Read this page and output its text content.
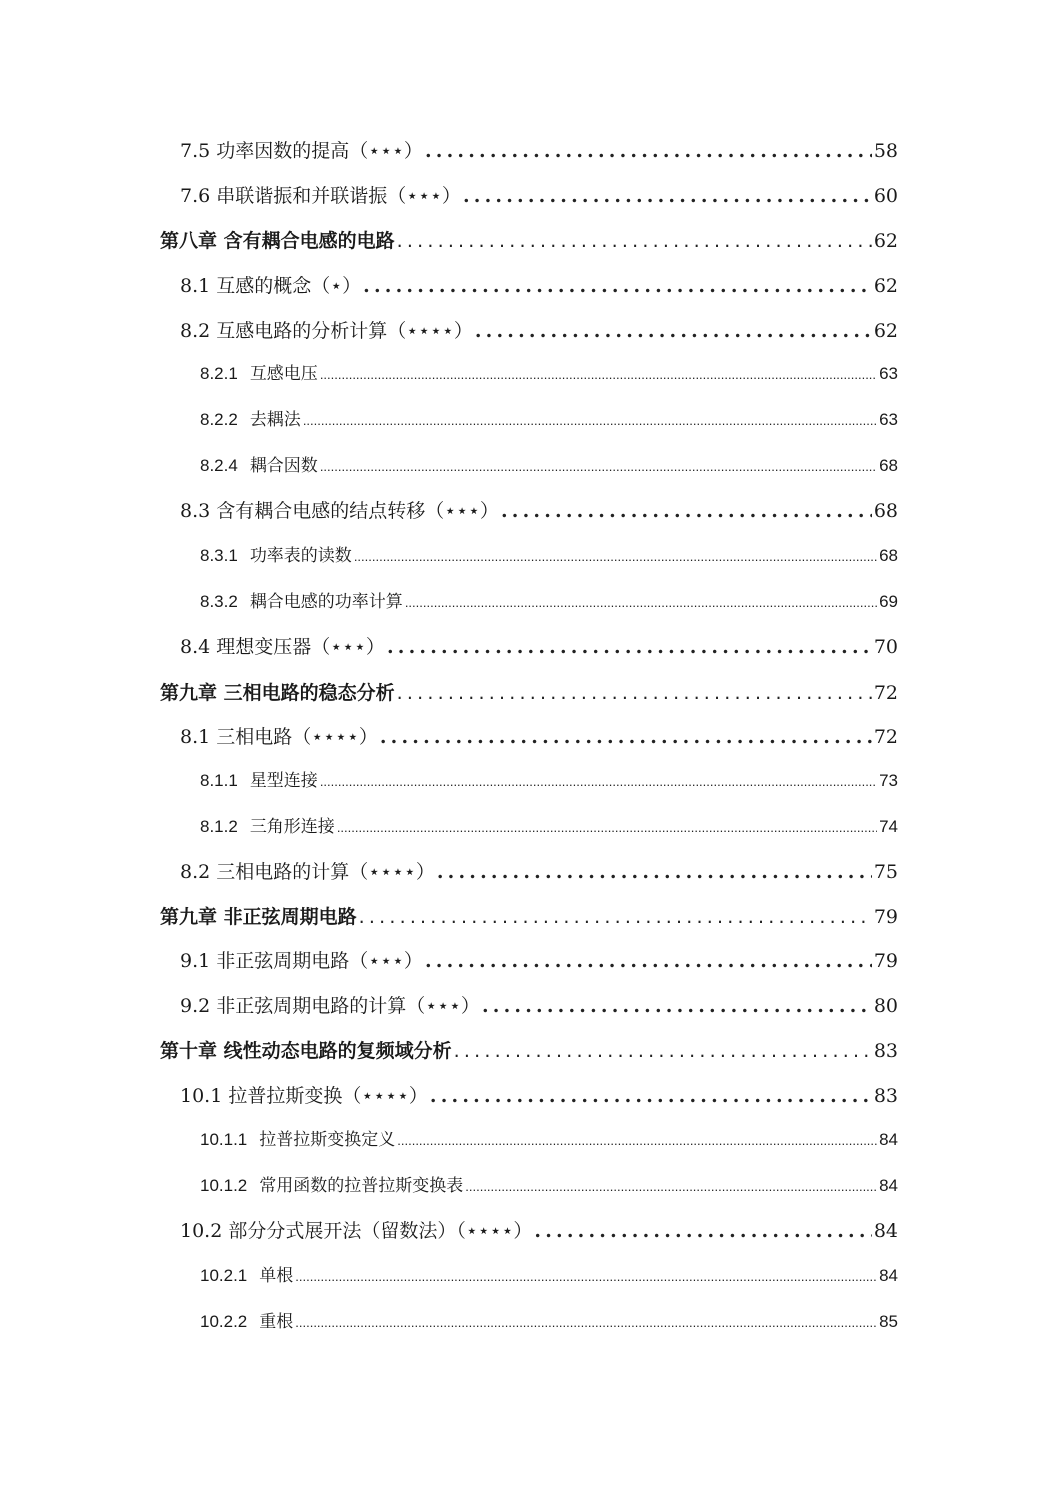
7.5 功率因数的提高（⋆⋆⋆） .....	58
7.6 串联谐振和并联谐振（⋆⋆⋆） .....	60
第八章 含有耦合电感的电路 .....	62
8.1 互感的概念（⋆） .....	62
8.2 互感电路的分析计算（⋆⋆⋆⋆） .....	62
8.2.1 互感电压 .....	63
8.2.2 去耦法 .....	63
8.2.4 耦合因数 .....	68
8.3 含有耦合电感的结点转移（⋆⋆⋆） .....	68
8.3.1 功率表的读数 .....	68
8.3.2 耦合电感的功率计算 .....	69
8.4 理想变压器（⋆⋆⋆） .....	70
第九章 三相电路的稳态分析 .....	72
8.1 三相电路（⋆⋆⋆⋆） .....	72
8.1.1 星型连接 .....	73
8.1.2 三角形连接 .....	74
8.2 三相电路的计算（⋆⋆⋆⋆） .....	75
第九章 非正弦周期电路 .....	79
9.1 非正弦周期电路（⋆⋆⋆） .....	79
9.2 非正弦周期电路的计算（⋆⋆⋆） .....	80
第十章 线性动态电路的复频域分析 .....	83
10.1 拉普拉斯变换（⋆⋆⋆⋆） .....	83
10.1.1 拉普拉斯变换定义 .....	84
10.1.2 常用函数的拉普拉斯变换表 .....	84
10.2 部分分式展开法（留数法）（⋆⋆⋆⋆） .....	84
10.2.1 单根 .....	84
10.2.2 重根 .....	85
